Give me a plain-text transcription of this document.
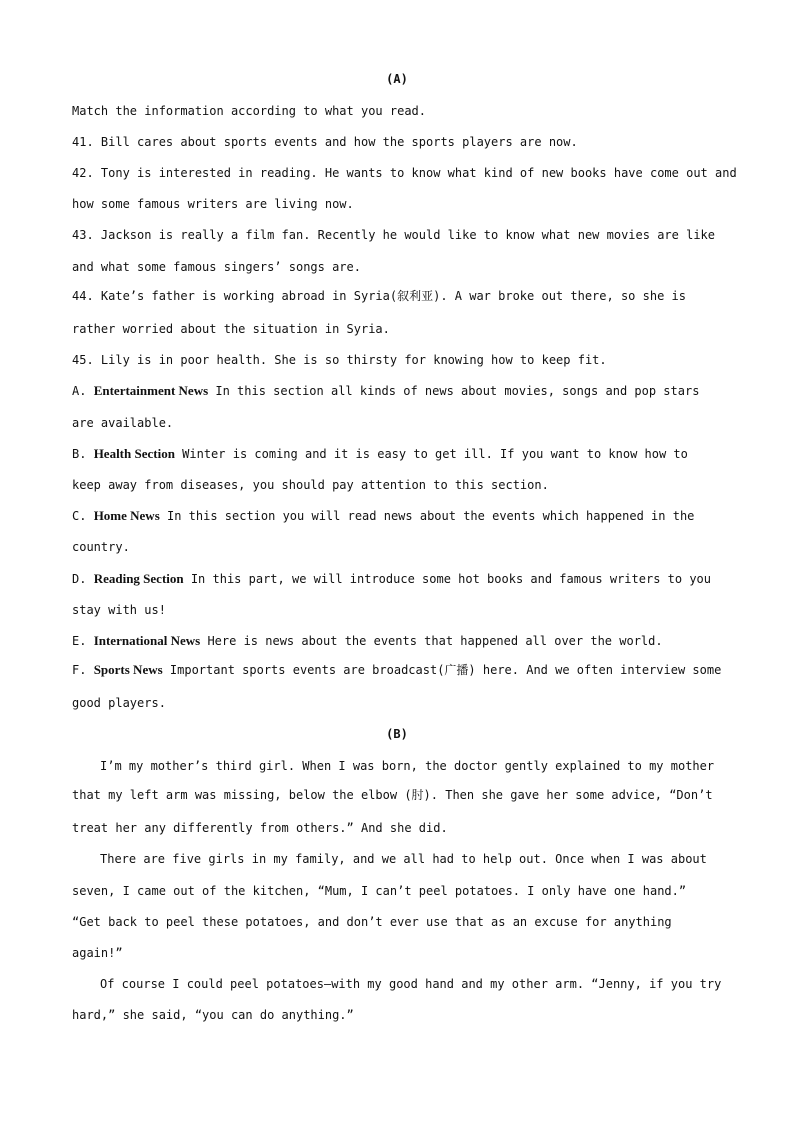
(A)
Match the information according to what you read.
41. Bill cares about sports events and how the sports players are now.
42. Tony is interested in reading. He wants to know what kind of new books have come out and
how some famous writers are living now.
43. Jackson is really a film fan. Recently he would like to know what new movies are like
and what some famous singers’ songs are.
44. Kate’s father is working abroad in Syria(叙利亚). A war broke out there, so she is
rather worried about the situation in Syria.
45. Lily is in poor health. She is so thirsty for knowing how to keep fit.
A. Entertainment News In this section all kinds of news about movies, songs and pop stars
are available.
B. Health Section Winter is coming and it is easy to get ill. If you want to know how to
keep away from diseases, you should pay attention to this section.
C. Home News In this section you will read news about the events which happened in the
country.
D. Reading Section In this part, we will introduce some hot books and famous writers to you
stay with us!
E. International News Here is news about the events that happened all over the world.
F. Sports News Important sports events are broadcast(广播) here. And we often interview some
good players.
(B)
I’m my mother’s third girl. When I was born, the doctor gently explained to my mother
that my left arm was missing, below the elbow (肘). Then she gave her some advice, “Don’t
treat her any differently from others.” And she did.
There are five girls in my family, and we all had to help out. Once when I was about
seven, I came out of the kitchen, “Mum, I can’t peel potatoes. I only have one hand.”
“Get back to peel these potatoes, and don’t ever use that as an excuse for anything
again!”
Of course I could peel potatoes—with my good hand and my other arm. “Jenny, if you try
hard,” she said, “you can do anything.”
